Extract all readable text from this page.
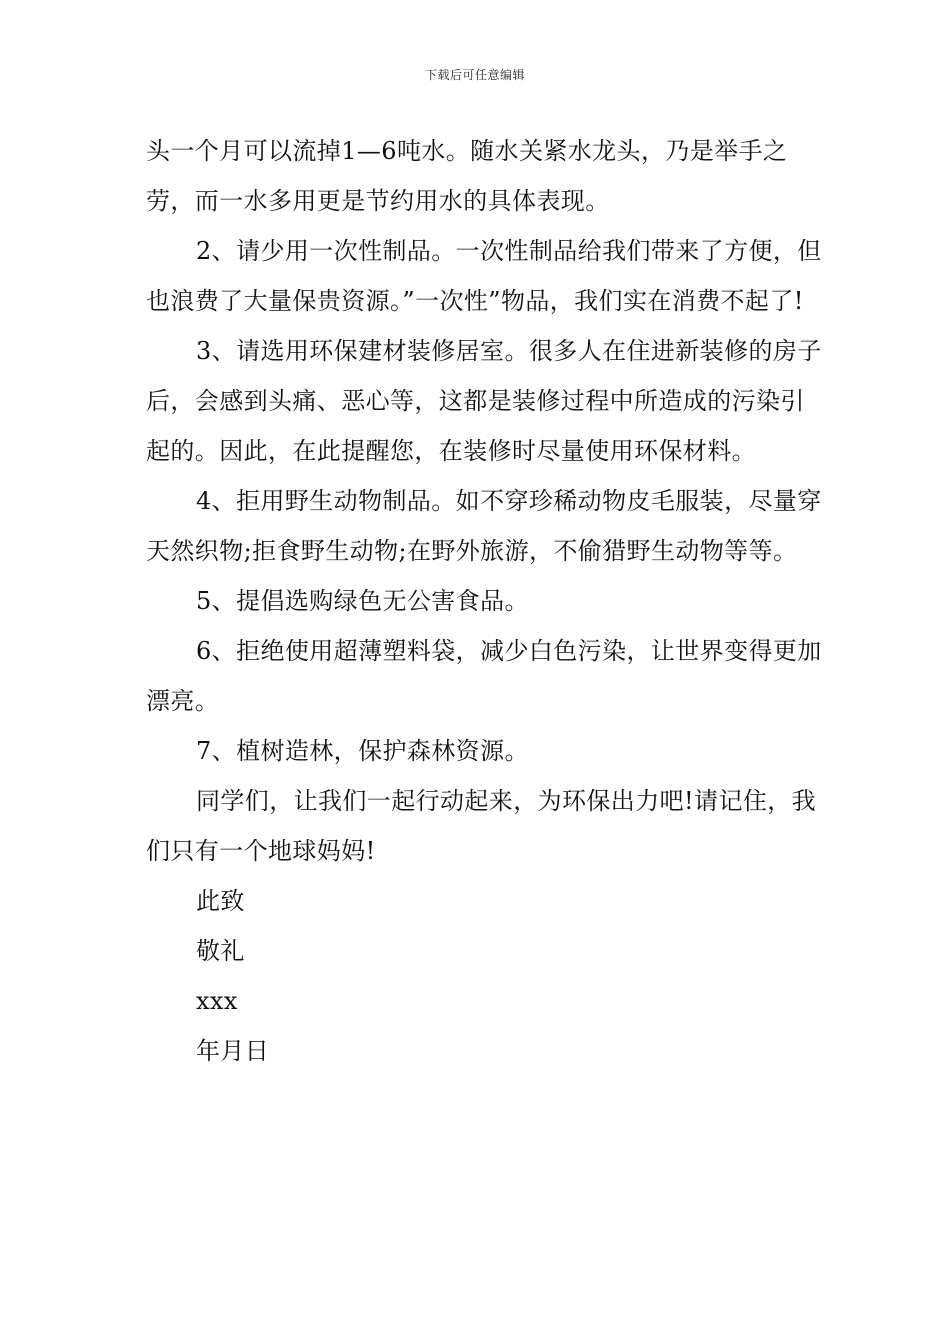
下载后可任意编辑

头一个月可以流掉1—6吨水。随水关紧水龙头，乃是举手之劳，而一水多用更是节约用水的具体表现。

2、请少用一次性制品。一次性制品给我们带来了方便，但也浪费了大量保贵资源。”一次性”物品，我们实在消费不起了!

3、请选用环保建材装修居室。很多人在住进新装修的房子后，会感到头痛、恶心等，这都是装修过程中所造成的污染引起的。因此，在此提醒您，在装修时尽量使用环保材料。

4、拒用野生动物制品。如不穿珍稀动物皮毛服装，尽量穿天然织物;拒食野生动物;在野外旅游，不偷猎野生动物等等。

5、提倡选购绿色无公害食品。

6、拒绝使用超薄塑料袋，减少白色污染，让世界变得更加漂亮。

7、植树造林，保护森林资源。

同学们，让我们一起行动起来，为环保出力吧!请记住，我们只有一个地球妈妈!

此致

敬礼

xxx

年月日
